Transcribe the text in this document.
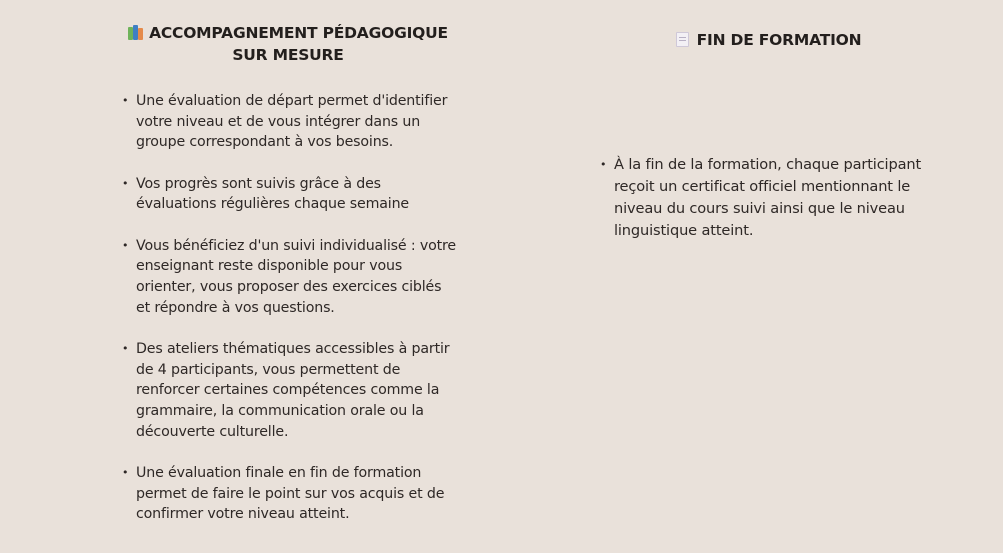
ACCOMPAGNEMENT PÉDAGOGIQUE SUR MESURE
• Une évaluation de départ permet d'identifier votre niveau et de vous intégrer dans un groupe correspondant à vos besoins.
• Vos progrès sont suivis grâce à des évaluations régulières chaque semaine
• Vous bénéficiez d'un suivi individualisé : votre enseignant reste disponible pour vous orienter, vous proposer des exercices ciblés et répondre à vos questions.
• Des ateliers thématiques accessibles à partir de 4 participants, vous permettent de renforcer certaines compétences comme la grammaire, la communication orale ou la découverte culturelle.
• Une évaluation finale en fin de formation permet de faire le point sur vos acquis et de confirmer votre niveau atteint.
FIN DE FORMATION
• À la fin de la formation, chaque participant reçoit un certificat officiel mentionnant le niveau du cours suivi ainsi que le niveau linguistique atteint.
